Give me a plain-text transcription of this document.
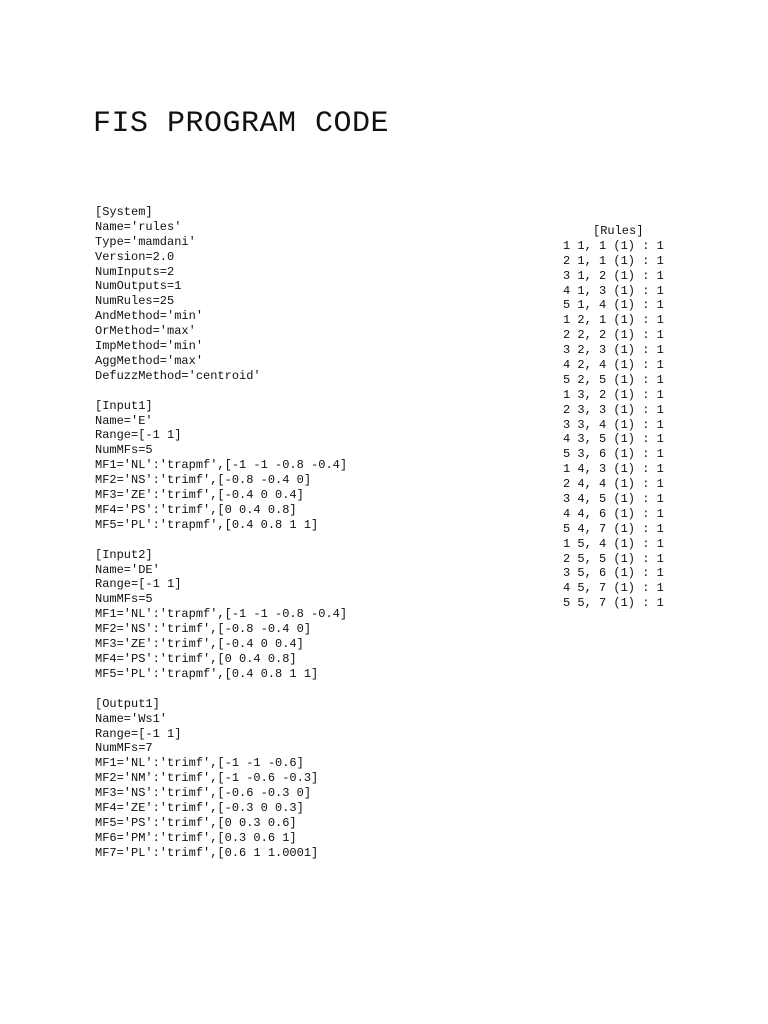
FIS PROGRAM CODE
[System]
Name='rules'
Type='mamdani'
Version=2.0
NumInputs=2
NumOutputs=1
NumRules=25
AndMethod='min'
OrMethod='max'
ImpMethod='min'
AggMethod='max'
DefuzzMethod='centroid'
[Input1]
Name='E'
Range=[-1 1]
NumMFs=5
MF1='NL':'trapmf',[-1 -1 -0.8 -0.4]
MF2='NS':'trimf',[-0.8 -0.4 0]
MF3='ZE':'trimf',[-0.4 0 0.4]
MF4='PS':'trimf',[0 0.4 0.8]
MF5='PL':'trapmf',[0.4 0.8 1 1]
[Input2]
Name='DE'
Range=[-1 1]
NumMFs=5
MF1='NL':'trapmf',[-1 -1 -0.8 -0.4]
MF2='NS':'trimf',[-0.8 -0.4 0]
MF3='ZE':'trimf',[-0.4 0 0.4]
MF4='PS':'trimf',[0 0.4 0.8]
MF5='PL':'trapmf',[0.4 0.8 1 1]
[Output1]
Name='Ws1'
Range=[-1 1]
NumMFs=7
MF1='NL':'trimf',[-1 -1 -0.6]
MF2='NM':'trimf',[-1 -0.6 -0.3]
MF3='NS':'trimf',[-0.6 -0.3 0]
MF4='ZE':'trimf',[-0.3 0 0.3]
MF5='PS':'trimf',[0 0.3 0.6]
MF6='PM':'trimf',[0.3 0.6 1]
MF7='PL':'trimf',[0.6 1 1.0001]
[Rules]
1 1, 1 (1) : 1
2 1, 1 (1) : 1
3 1, 2 (1) : 1
4 1, 3 (1) : 1
5 1, 4 (1) : 1
1 2, 1 (1) : 1
2 2, 2 (1) : 1
3 2, 3 (1) : 1
4 2, 4 (1) : 1
5 2, 5 (1) : 1
1 3, 2 (1) : 1
2 3, 3 (1) : 1
3 3, 4 (1) : 1
4 3, 5 (1) : 1
5 3, 6 (1) : 1
1 4, 3 (1) : 1
2 4, 4 (1) : 1
3 4, 5 (1) : 1
4 4, 6 (1) : 1
5 4, 7 (1) : 1
1 5, 4 (1) : 1
2 5, 5 (1) : 1
3 5, 6 (1) : 1
4 5, 7 (1) : 1
5 5, 7 (1) : 1
